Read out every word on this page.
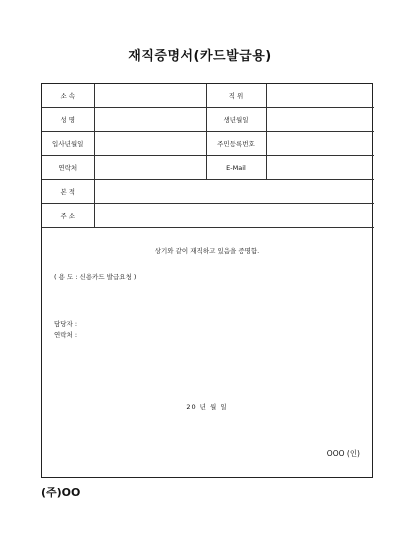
재직증명서(카드발급용)
소 속		직 위	
성 명		생년월일	
입사년월일		주민등록번호	
연락처		E-Mail	
본 적			
주 소			
상기와 같이 재직하고 있음을 증명함.
( 용 도 : 신용카드 발급요청 )
담당자 :
연락처 :
20 년 월 일
OOO (인)
(주)OO
